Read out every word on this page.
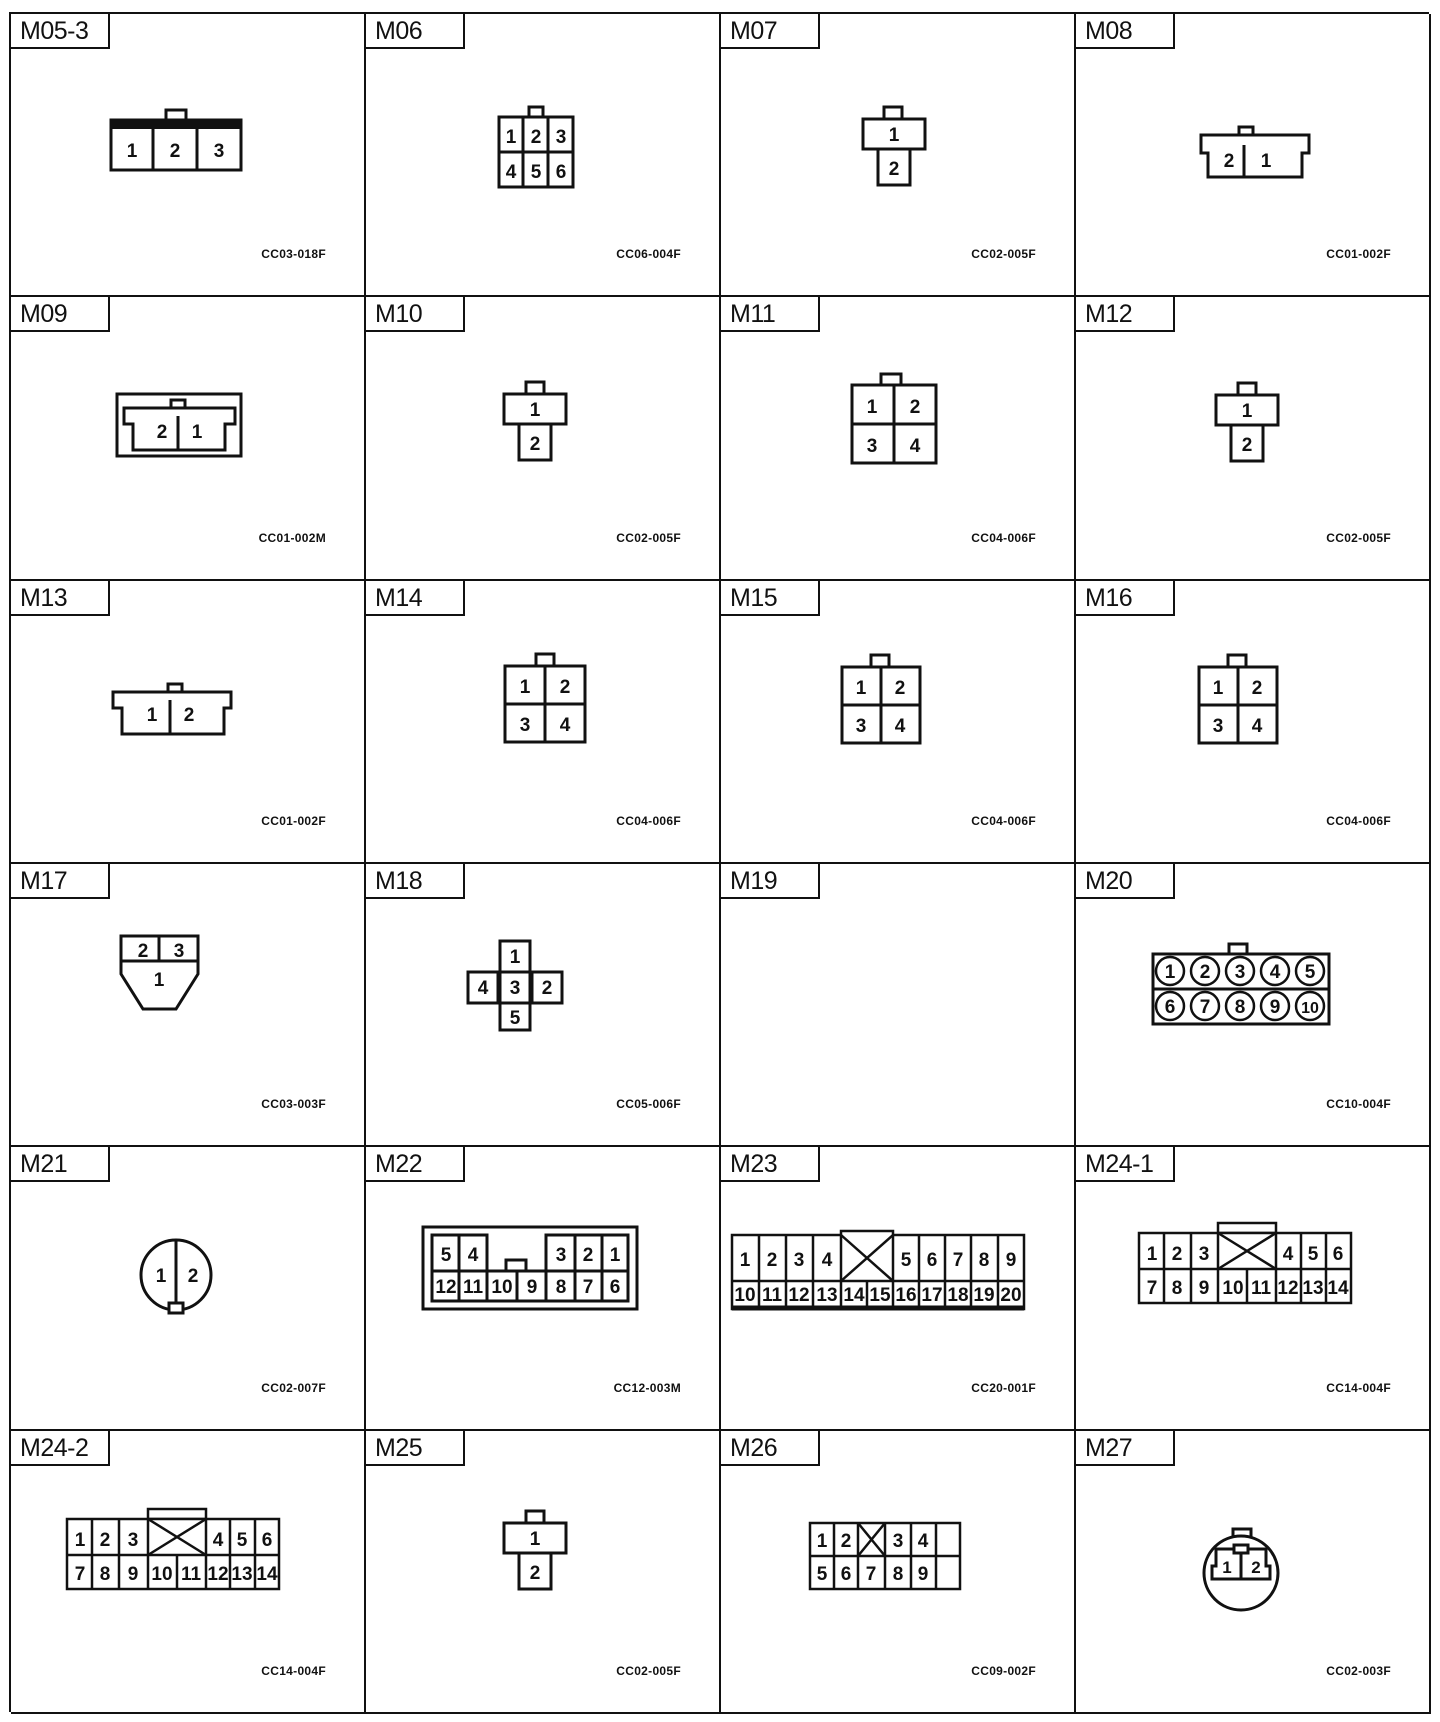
M05-3
1 2 3
CC03-018F
M06
1 2 3
4 5 6
CC06-004F
M07
1
2
CC02-005F
M08
2 1
CC01-002F
M09
2 1
CC01-002M
M10
1
2
CC02-005F
M11
1 2
3 4
CC04-006F
M12
1
2
CC02-005F
M13
1 2
CC01-002F
M14
1 2
3 4
CC04-006F
M15
1 2
3 4
CC04-006F
M16
1 2
3 4
CC04-006F
M17
2 3
1
CC03-003F
M18
1
4 3 2
5
CC05-006F
M19	M20
1 2 3 4 5
6 7 8 9 10
CC10-004F
M21
1 2
CC02-007F
M22
5 4	3 2 1
12 11 10 9 8 7 6
CC12-003M
M23
1 2 3 4	5 6 7 8 9
10 11 12 13 14 15 16 17 18 19 20
CC20-001F
M24-1
1 2 3	4 5 6
7 8 9 10 11 12 13 14
CC14-004F
M24-2
1 2 3	4 5 6
7 8 9 10 11 12 13 14
CC14-004F
M25
1
2
CC02-005F
M26
1 2 3 4
5 6 7 8 9
CC09-002F
M27
1 2
CC02-003F
